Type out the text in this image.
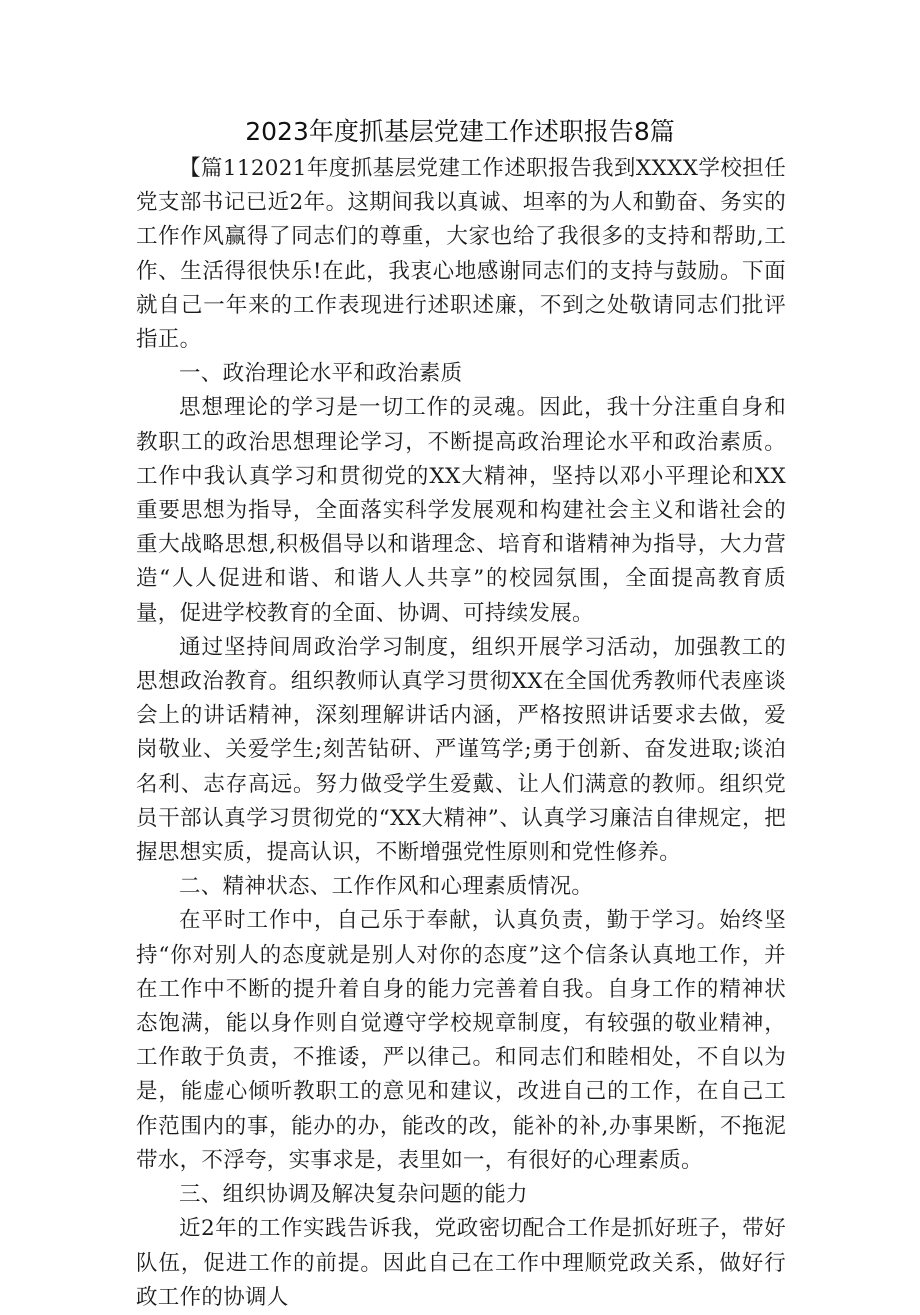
2023年度抓基层党建工作述职报告8篇

【篇112021年度抓基层党建工作述职报告我到XXXX学校担任党支部书记已近2年。这期间我以真诚、坦率的为人和勤奋、务实的工作作风赢得了同志们的尊重，大家也给了我很多的支持和帮助,工作、生活得很快乐!在此，我衷心地感谢同志们的支持与鼓励。下面就自己一年来的工作表现进行述职述廉，不到之处敬请同志们批评指正。

一、政治理论水平和政治素质

思想理论的学习是一切工作的灵魂。因此，我十分注重自身和教职工的政治思想理论学习，不断提高政治理论水平和政治素质。工作中我认真学习和贯彻党的XX大精神，坚持以邓小平理论和XX重要思想为指导，全面落实科学发展观和构建社会主义和谐社会的重大战略思想,积极倡导以和谐理念、培育和谐精神为指导，大力营造“人人促进和谐、和谐人人共享”的校园氛围，全面提高教育质量，促进学校教育的全面、协调、可持续发展。

通过坚持间周政治学习制度，组织开展学习活动，加强教工的思想政治教育。组织教师认真学习贯彻XX在全国优秀教师代表座谈会上的讲话精神，深刻理解讲话内涵，严格按照讲话要求去做，爱岗敬业、关爱学生;刻苦钻研、严谨笃学;勇于创新、奋发进取;谈泊名利、志存高远。努力做受学生爱戴、让人们满意的教师。组织党员干部认真学习贯彻党的“XX大精神”、认真学习廉洁自律规定，把握思想实质，提高认识，不断增强党性原则和党性修养。

二、精神状态、工作作风和心理素质情况。

在平时工作中，自己乐于奉献，认真负责，勤于学习。始终坚持“你对别人的态度就是别人对你的态度”这个信条认真地工作，并在工作中不断的提升着自身的能力完善着自我。自身工作的精神状态饱满，能以身作则自觉遵守学校规章制度，有较强的敬业精神，工作敢于负责，不推诿，严以律己。和同志们和睦相处，不自以为是，能虚心倾听教职工的意见和建议，改进自己的工作，在自己工作范围内的事，能办的办，能改的改，能补的补,办事果断，不拖泥带水，不浮夸，实事求是，表里如一，有很好的心理素质。

三、组织协调及解决复杂问题的能力

近2年的工作实践告诉我，党政密切配合工作是抓好班子，带好队伍，促进工作的前提。因此自己在工作中理顺党政关系，做好行政工作的协调人
